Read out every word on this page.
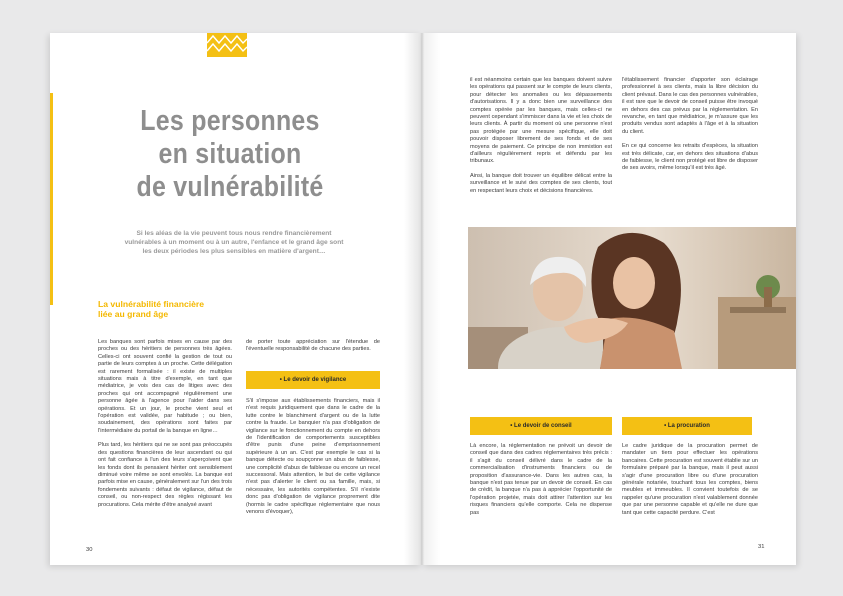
Les personnes
en situation
de vulnérabilité
Si les aléas de la vie peuvent tous nous rendre financièrement vulnérables à un moment ou à un autre, l'enfance et le grand âge sont les deux périodes les plus sensibles en matière d'argent…
La vulnérabilité financière
liée au grand âge

Les banques sont parfois mises en cause par des proches ou des héritiers de personnes très âgées. Celles-ci ont souvent confié la gestion de tout ou partie de leurs comptes à un proche. Cette délégation est rarement formalisée : il existe de multiples situations mais à titre d'exemple, en tant que médiatrice, je vois des cas de litiges avec des proches qui ont accompagné régulièrement une personne âgée à l'agence pour l'aider dans ses opérations. Et un jour, le proche vient seul et l'opération est validée, par habitude ; ou bien, soudainement, des opérations sont faites par l'intermédiaire du portail de la banque en ligne…

Plus tard, les héritiers qui ne se sont pas préoccupés des questions financières de leur ascendant ou qui ont fait confiance à l'un des leurs s'aperçoivent que les fonds dont ils pensaient hériter ont sensiblement diminué voire même se sont envolés. La banque est parfois mise en cause, généralement sur l'un des trois fondements suivants : défaut de vigilance, défaut de conseil, ou non-respect des règles régissant les procurations. Cela mérite d'être analysé avant

de porter toute appréciation sur l'étendue de l'éventuelle responsabilité de chacune des parties.
• Le devoir de vigilance

S'il s'impose aux établissements financiers, mais il n'est requis juridiquement que dans le cadre de la lutte contre le blanchiment d'argent ou de la lutte contre la fraude. Le banquier n'a pas d'obligation de vigilance sur le fonctionnement du compte en dehors de l'identification de comportements susceptibles d'être punis d'une peine d'emprisonnement supérieure à un an. C'est par exemple le cas si la banque détecte ou soupçonne un abus de faiblesse, une complicité d'abus de faiblesse ou encore un recel successoral. Mais attention, le but de cette vigilance n'est pas d'alerter le client ou sa famille, mais, si nécessaire, les autorités compétentes. S'il n'existe donc pas d'obligation de vigilance proprement dite (hormis le cadre spécifique réglementaire que nous venons d'évoquer),

30

il est néanmoins certain que les banques doivent suivre les opérations qui passent sur le compte de leurs clients, pour détecter les anomalies ou les dépassements d'autorisations. Il y a donc bien une surveillance des comptes opérée par les banques, mais celles-ci ne peuvent cependant s'immiscer dans la vie et les choix de leurs clients. À partir du moment où une personne n'est pas protégée par une mesure spécifique, elle doit pouvoir disposer librement de ses fonds et de ses moyens de paiement. Ce principe de non immixtion est d'ailleurs régulièrement repris et défendu par les tribunaux.

Ainsi, la banque doit trouver un équilibre délicat entre la surveillance et le suivi des comptes de ses clients, tout en respectant leurs choix et décisions financières.

l'établissement financier d'apporter son éclairage professionnel à ses clients, mais la libre décision du client prévaut. Dans le cas des personnes vulnérables, il est rare que le devoir de conseil puisse être invoqué en dehors des cas prévus par la réglementation. En revanche, en tant que médiatrice, je m'assure que les produits vendus sont adaptés à l'âge et à la situation du client.

En ce qui concerne les retraits d'espèces, la situation est très délicate, car, en dehors des situations d'abus de faiblesse, le client non protégé est libre de disposer de ses avoirs, même lorsqu'il est très âgé.

• Le devoir de conseil	• La procuration

Là encore, la réglementation ne prévoit un devoir de conseil que dans des cadres réglementaires très précis : il s'agit du conseil délivré dans le cadre de la commercialisation d'instruments financiers ou de proposition d'assurance-vie. Dans les autres cas, la banque n'est pas tenue par un devoir de conseil. En cas de crédit, la banque n'a pas à apprécier l'opportunité de l'opération projetée, mais doit attirer l'attention sur les risques financiers qu'elle comporte. Cela ne dispense pas

Le cadre juridique de la procuration permet de mandater un tiers pour effectuer les opérations bancaires. Cette procuration est souvent établie sur un formulaire préparé par la banque, mais il peut aussi s'agir d'une procuration libre ou d'une procuration générale notariée, touchant tous les comptes, biens meubles et immeubles. Il convient toutefois de se rappeler qu'une procuration n'est valablement donnée que par une personne capable et qu'elle ne dure que tant que cette capacité perdure. C'est

31
